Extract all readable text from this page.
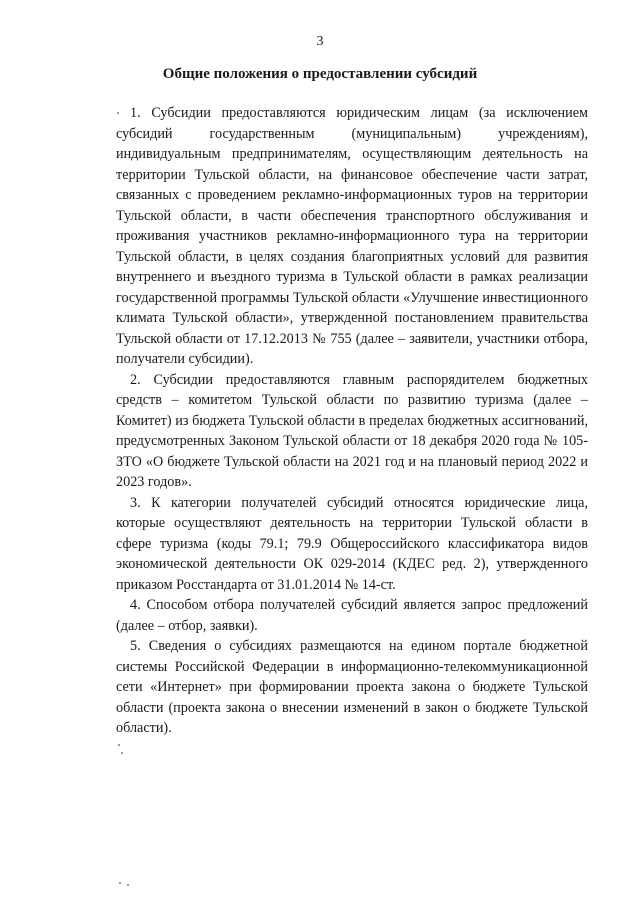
3
Общие положения о предоставлении субсидий

1. Субсидии предоставляются юридическим лицам (за исключением субсидий государственным (муниципальным) учреждениям), индивидуальным предпринимателям, осуществляющим деятельность на территории Тульской области, на финансовое обеспечение части затрат, связанных с проведением рекламно-информационных туров на территории Тульской области, в части обеспечения транспортного обслуживания и проживания участников рекламно-информационного тура на территории Тульской области, в целях создания благоприятных условий для развития внутреннего и въездного туризма в Тульской области в рамках реализации государственной программы Тульской области «Улучшение инвестиционного климата Тульской области», утвержденной постановлением правительства Тульской области от 17.12.2013 № 755 (далее – заявители, участники отбора, получатели субсидии).

2. Субсидии предоставляются главным распорядителем бюджетных средств – комитетом Тульской области по развитию туризма (далее – Комитет) из бюджета Тульской области в пределах бюджетных ассигнований, предусмотренных Законом Тульской области от 18 декабря 2020 года № 105-ЗТО «О бюджете Тульской области на 2021 год и на плановый период 2022 и 2023 годов».

3. К категории получателей субсидий относятся юридические лица, которые осуществляют деятельность на территории Тульской области в сфере туризма (коды 79.1; 79.9 Общероссийского классификатора видов экономической деятельности ОК 029-2014 (КДЕС ред. 2), утвержденного приказом Росстандарта от 31.01.2014 № 14-ст.

4. Способом отбора получателей субсидий является запрос предложений (далее – отбор, заявки).

5. Сведения о субсидиях размещаются на едином портале бюджетной системы Российской Федерации в информационно-телекоммуникационной сети «Интернет» при формировании проекта закона о бюджете Тульской области (проекта закона о внесении изменений в закон о бюджете Тульской области).
